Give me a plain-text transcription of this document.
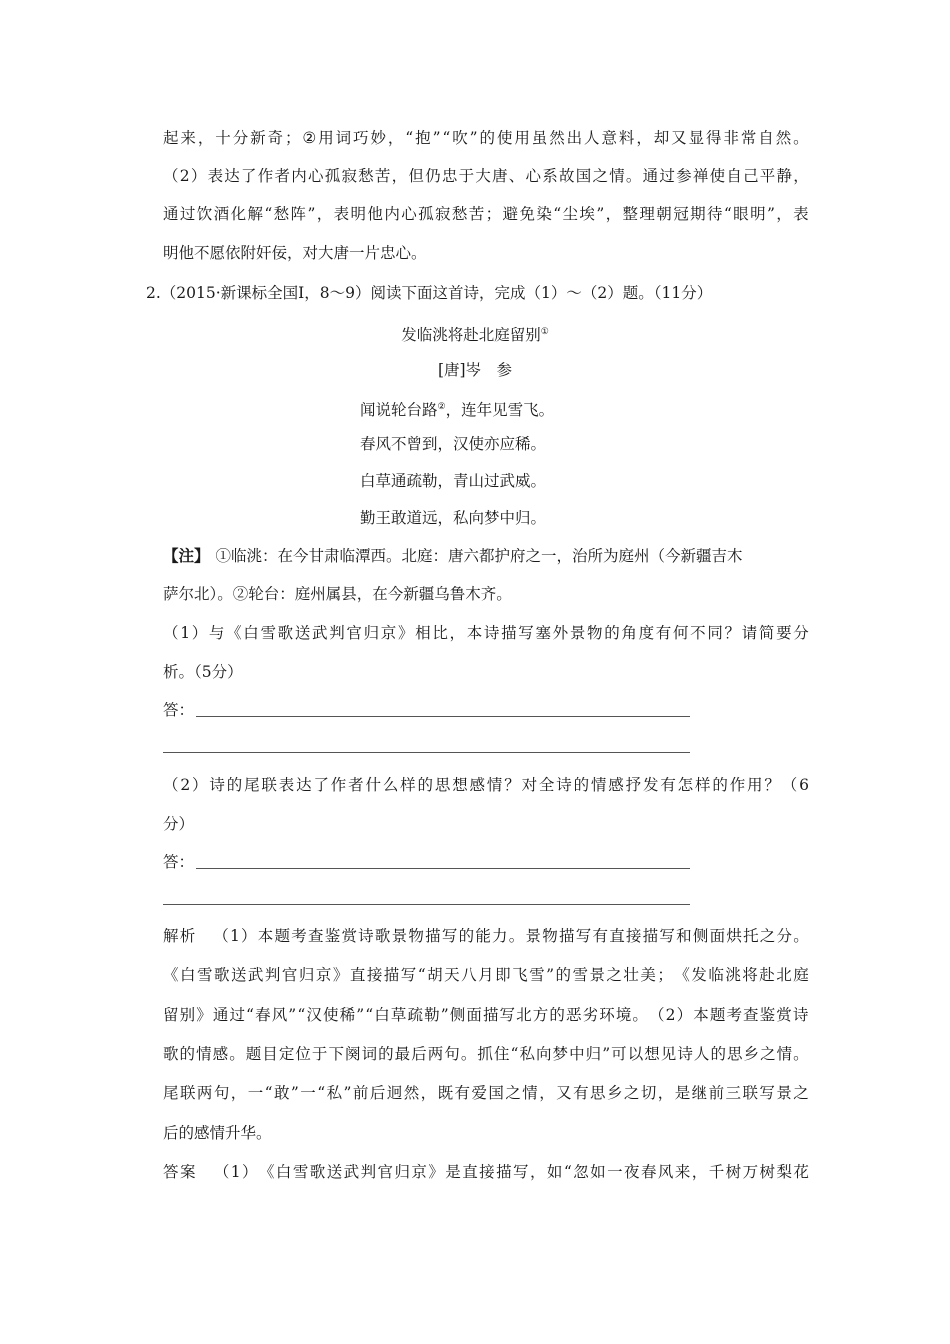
起 来 ， 十 分 新 奇 ； ② 用 词 巧 妙 ， “ 抱 ” “ 吹 ” 的 使 用 虽 然 出 人 意 料 ， 却 又 显 得 非 常 自 然 。
（ 2 ） 表 达 了 作 者 内 心 孤 寂 愁 苦 ， 但 仍 忠 于 大 唐 、 心 系 故 国 之 情 。 通 过 参 禅 使 自 己 平 静 ，
通 过 饮 酒 化 解 “ 愁 阵 ” ， 表 明 他 内 心 孤 寂 愁 苦 ； 避 免 染 “ 尘 埃 ” ， 整 理 朝 冠 期 待 “ 眼 明 ” ， 表
明他不愿依附奸佞，对大唐一片忠心。
2.（2015·新课标全国Ⅰ，8～9）阅读下面这首诗，完成（1）～（2）题。（11分）
发临洮将赴北庭留别①
[唐]岑　参
闻说轮台路②，连年见雪飞。
春风不曾到，汉使亦应稀。
白草通疏勒，青山过武威。
勤王敢道远，私向梦中归。
【注】 ①临洮：在今甘肃临潭西。北庭：唐六都护府之一，治所为庭州（今新疆吉木
萨尔北）。②轮台：庭州属县，在今新疆乌鲁木齐。
（ 1 ） 与 《 白 雪 歌 送 武 判 官 归 京 》 相 比 ， 本 诗 描 写 塞 外 景 物 的 角 度 有 何 不 同 ？ 请 简 要 分
析。（5分）
答：
（ 2 ） 诗 的 尾 联 表 达 了 作 者 什 么 样 的 思 想 感 情 ？ 对 全 诗 的 情 感 抒 发 有 怎 样 的 作 用 ？ （ 6
分）
答：
解 析
　 （ 1 ） 本 题 考 查 鉴 赏 诗 歌 景 物 描 写 的 能 力 。 景 物 描 写 有 直 接 描 写 和 侧 面 烘 托 之 分 。
《 白 雪 歌 送 武 判 官 归 京 》 直 接 描 写 “ 胡 天 八 月 即 飞 雪 ” 的 雪 景 之 壮 美 ； 《 发 临 洮 将 赴 北 庭
留 别 》 通 过 “ 春 风 ” “ 汉 使 稀 ” “ 白 草 疏 勒 ” 侧 面 描 写 北 方 的 恶 劣 环 境 。 （ 2 ） 本 题 考 查 鉴 赏 诗
歌 的 情 感 。 题 目 定 位 于 下 阕 词 的 最 后 两 句 。 抓 住 “ 私 向 梦 中 归 ” 可 以 想 见 诗 人 的 思 乡 之 情 。
尾 联 两 句 ， 一 “ 敢 ” 一 “ 私 ” 前 后 迥 然 ， 既 有 爱 国 之 情 ， 又 有 思 乡 之 切 ， 是 继 前 三 联 写 景 之
后的感情升华。
答 案
　 （ 1 ） 《 白 雪 歌 送 武 判 官 归 京 》 是 直 接 描 写 ， 如 “ 忽 如 一 夜 春 风 来 ， 千 树 万 树 梨 花
